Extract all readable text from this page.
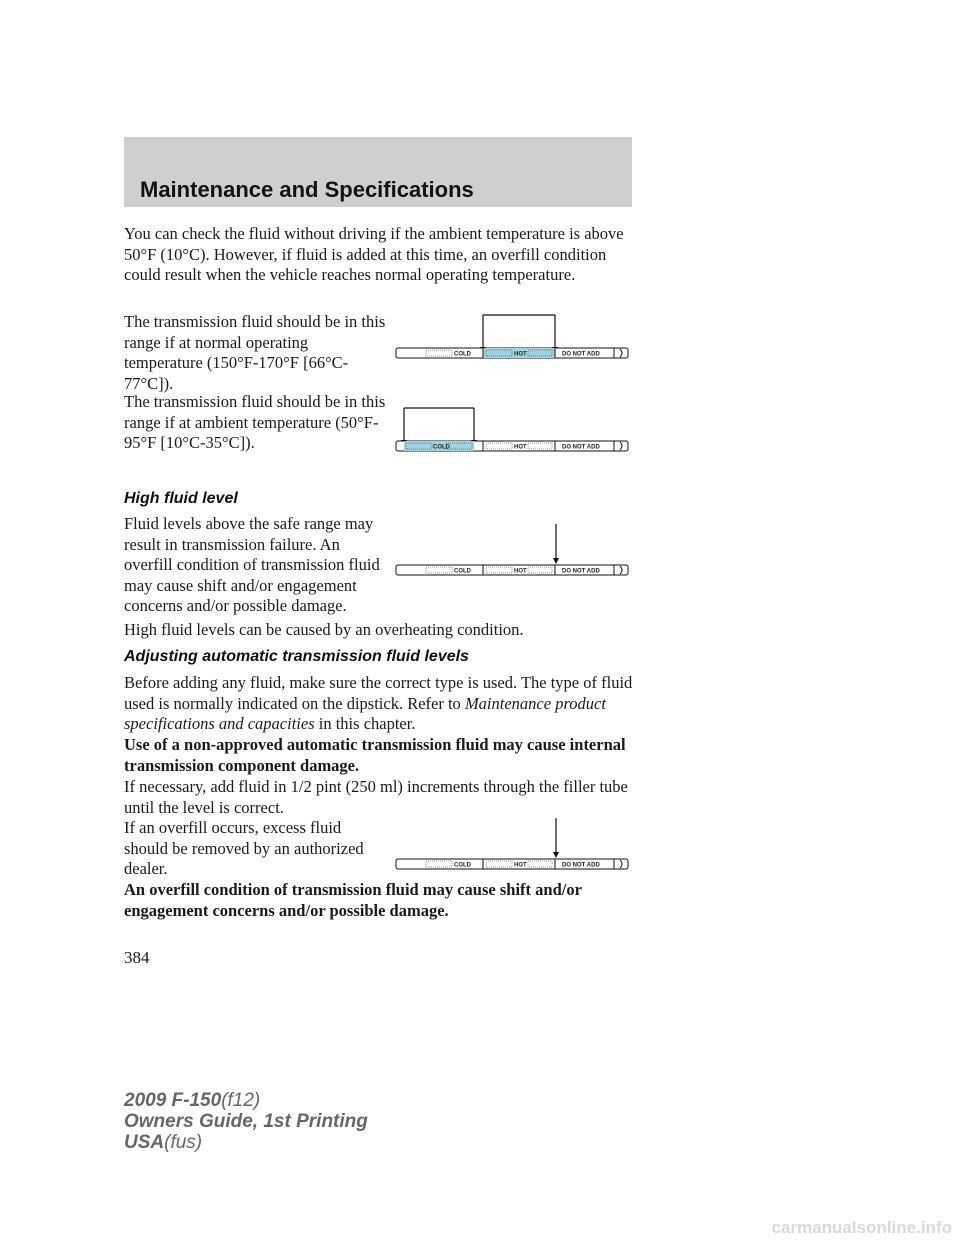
Maintenance and Specifications

You can check the fluid without driving if the ambient temperature is above 50°F (10°C). However, if fluid is added at this time, an overfill condition could result when the vehicle reaches normal operating temperature.

The transmission fluid should be in this range if at normal operating temperature (150°F-170°F [66°C-77°C]).

COLD	HOT	DO NOT ADD

The transmission fluid should be in this range if at ambient temperature (50°F-95°F [10°C-35°C]).	COLD	HOT	DO NOT ADD
High fluid level

Fluid levels above the safe range may result in transmission failure. An overfill condition of transmission fluid may cause shift and/or engagement concerns and/or possible damage.

COLD	HOT	DO NOT ADD

High fluid levels can be caused by an overheating condition.

Adjusting automatic transmission fluid levels

Before adding any fluid, make sure the correct type is used. The type of fluid used is normally indicated on the dipstick. Refer to Maintenance product specifications and capacities in this chapter.

Use of a non-approved automatic transmission fluid may cause internal transmission component damage.

If necessary, add fluid in 1/2 pint (250 ml) increments through the filler tube until the level is correct.

If an overfill occurs, excess fluid should be removed by an authorized dealer.	COLD	HOT	DO NOT ADD

An overfill condition of transmission fluid may cause shift and/or engagement concerns and/or possible damage.

384

2009 F-150(f12)
Owners Guide, 1st Printing
USA(fus)

carmanualsonline.info
